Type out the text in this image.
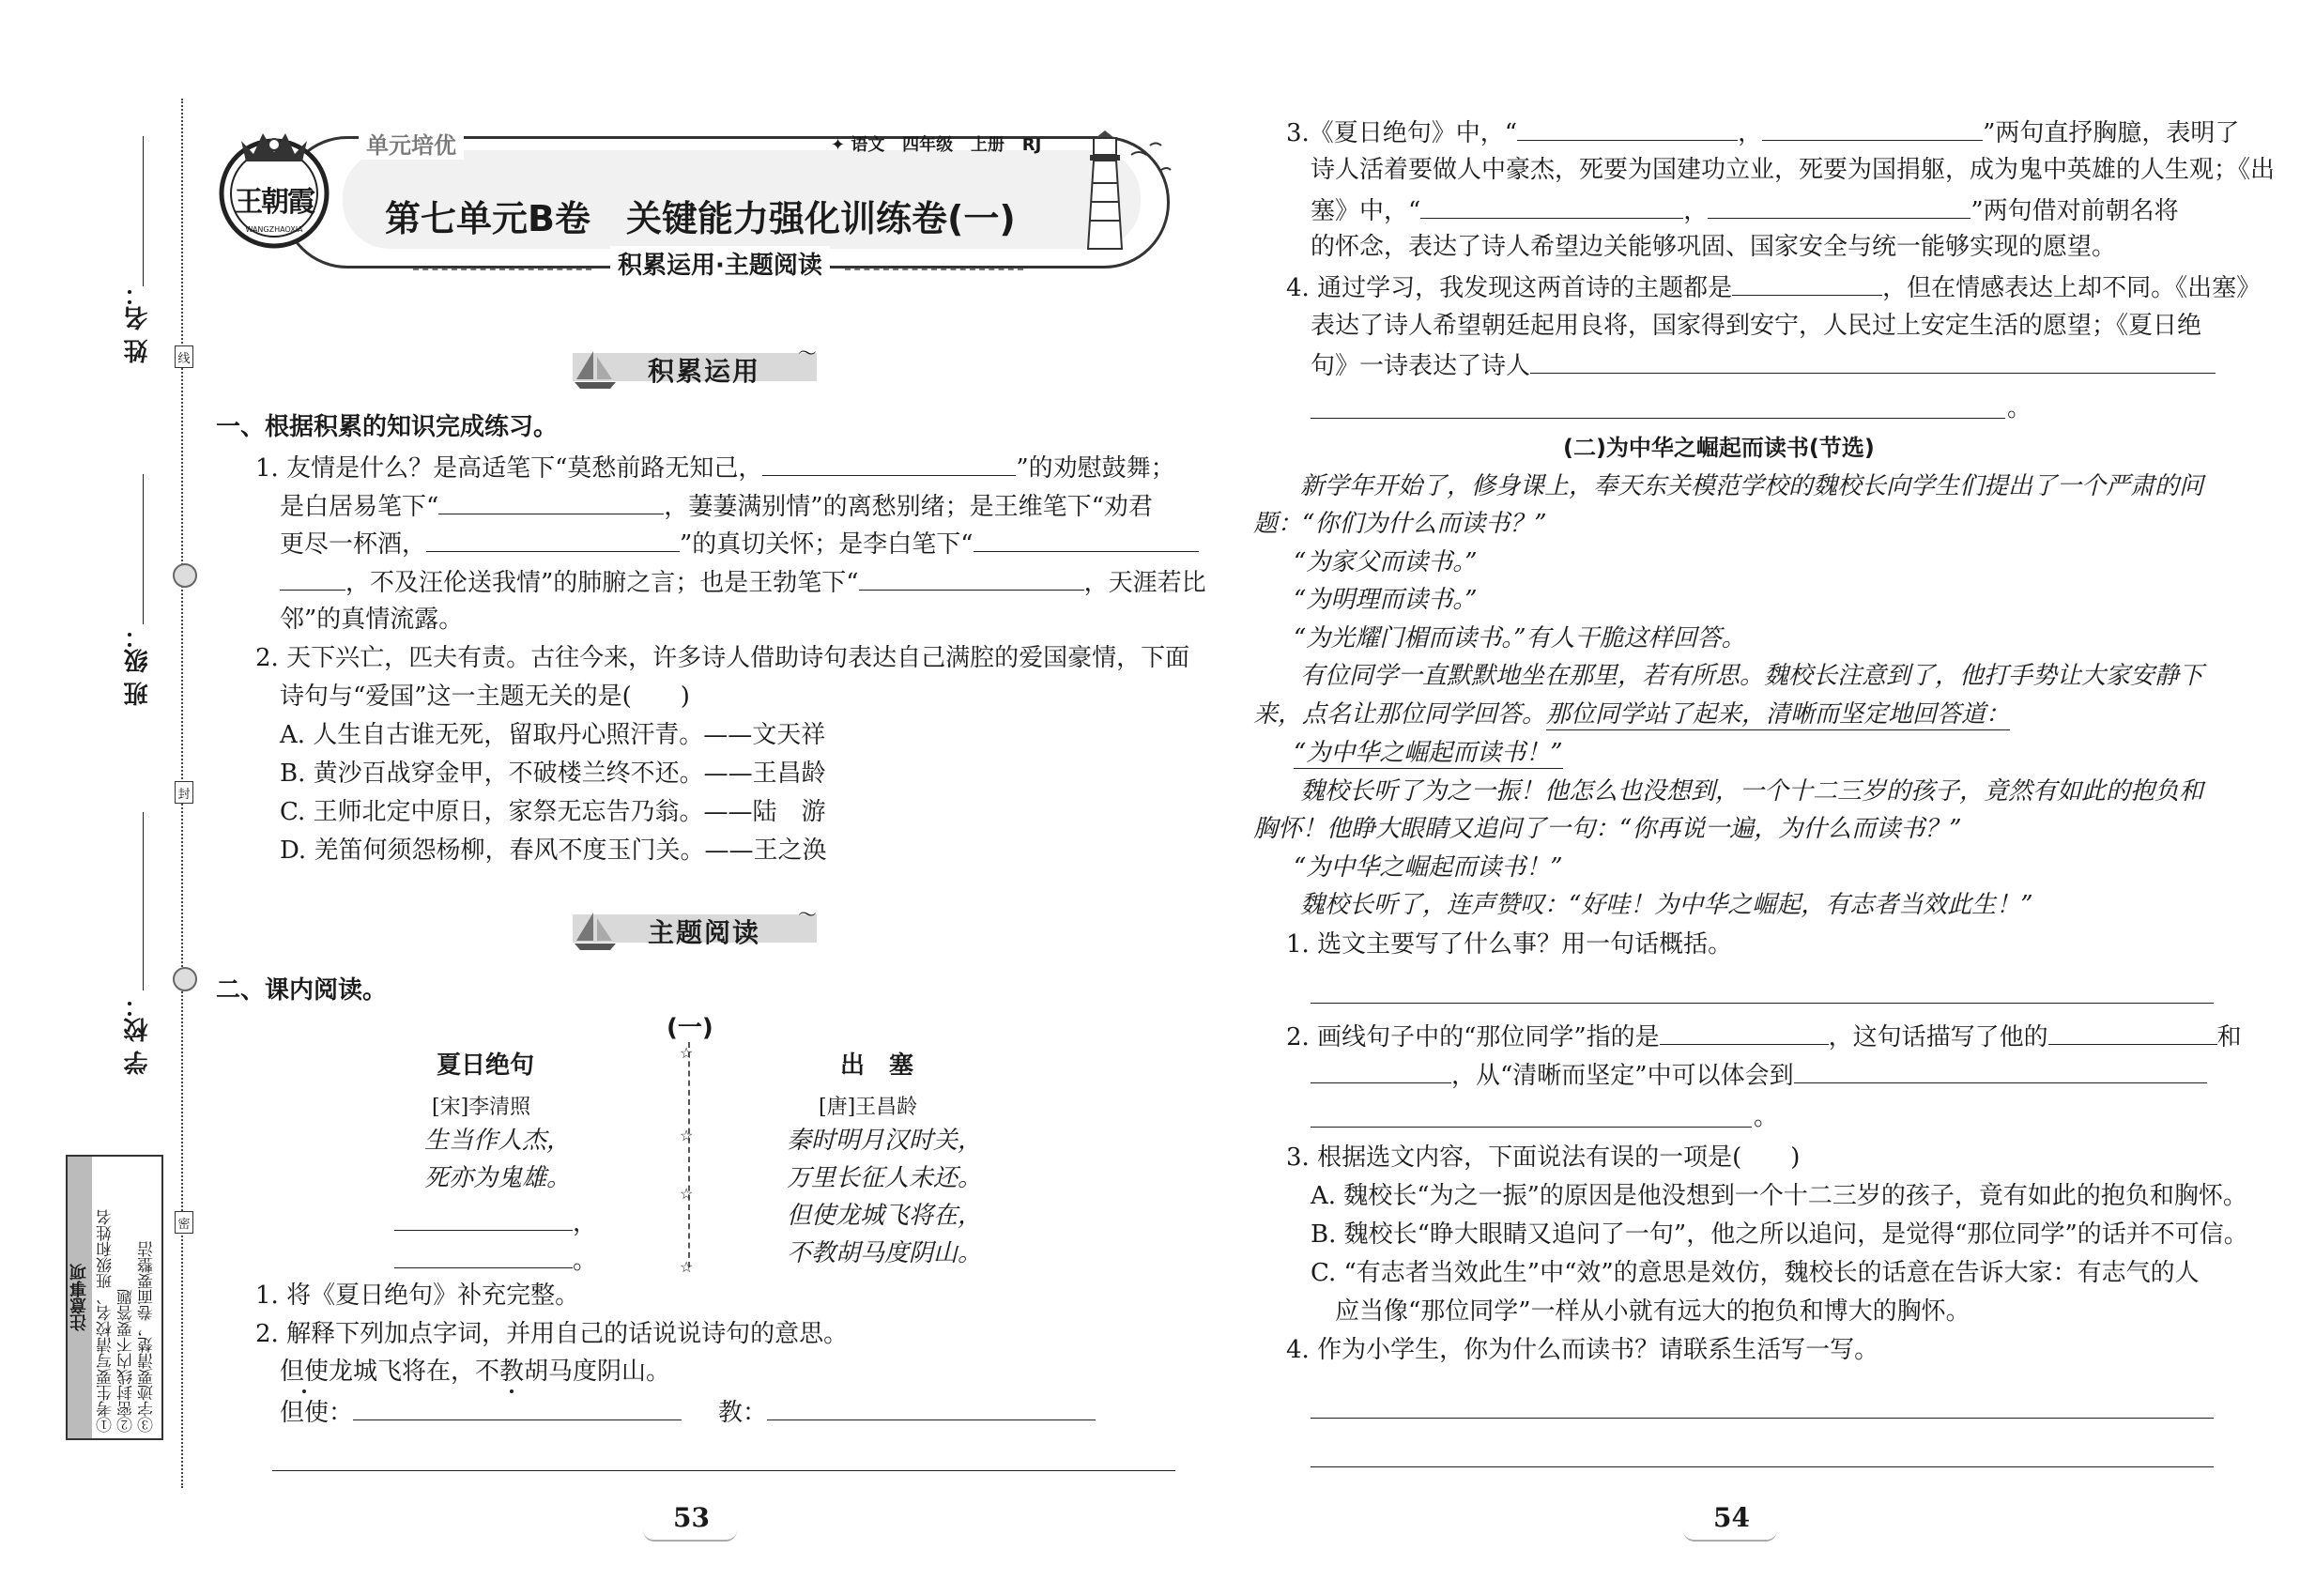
线
封
密
姓 名：
班 级：
学 校：
注意事项 ①考生要写清校名、班级和姓名 ②密封线内不要答题 ③字迹要清楚，卷面要整洁
单元培优	✦ 语文 四年级 上册 RJ
王朝霞
WANGZHAOXIA	第七单元B卷　关键能力强化训练卷(一)
积累运用·主题阅读
积累运用
〜
一、根据积累的知识完成练习。
1. 友情是什么？是高适笔下“莫愁前路无知己，	”的劝慰鼓舞；
是白居易笔下“	，萋萋满别情”的离愁别绪；是王维笔下“劝君
更尽一杯酒，	”的真切关怀；是李白笔下“
，不及汪伦送我情”的肺腑之言；也是王勃笔下“	，天涯若比
邻”的真情流露。
2. 天下兴亡，匹夫有责。古往今来，许多诗人借助诗句表达自己满腔的爱国豪情，下面
诗句与“爱国”这一主题无关的是(　　)
A. 人生自古谁无死，留取丹心照汗青。——文天祥
B. 黄沙百战穿金甲，不破楼兰终不还。——王昌龄
C. 王师北定中原日，家祭无忘告乃翁。——陆　游
D. 羌笛何须怨杨柳，春风不度玉门关。——王之涣
主题阅读
〜
二、课内阅读。
(一)
夏日绝句
[宋]李清照
生当作人杰，
死亦为鬼雄。
，
。
☆
☆
☆
☆
出　塞
[唐]王昌龄
秦时明月汉时关，
万里长征人未还。
但使龙城飞将在，
不教胡马度阴山。
1. 将《夏日绝句》补充完整。
2. 解释下列加点字词，并用自己的话说说诗句的意思。
但使龙城飞将在，不教胡马度阴山。
但使：	教：
53
3.《夏日绝句》中，“	，	”两句直抒胸臆，表明了
诗人活着要做人中豪杰，死要为国建功立业，死要为国捐躯，成为鬼中英雄的人生观；《出
塞》中，“	，	”两句借对前朝名将
的怀念，表达了诗人希望边关能够巩固、国家安全与统一能够实现的愿望。
4. 通过学习，我发现这两首诗的主题都是	，但在情感表达上却不同。《出塞》
表达了诗人希望朝廷起用良将，国家得到安宁，人民过上安定生活的愿望；《夏日绝
句》一诗表达了诗人
。
(二)为中华之崛起而读书(节选)
新学年开始了，修身课上，奉天东关模范学校的魏校长向学生们提出了一个严肃的问
题：“你们为什么而读书？”
“为家父而读书。”
“为明理而读书。”
“为光耀门楣而读书。”有人干脆这样回答。
有位同学一直默默地坐在那里，若有所思。魏校长注意到了，他打手势让大家安静下
来，点名让那位同学回答。那位同学站了起来，清晰而坚定地回答道：
“为中华之崛起而读书！”
魏校长听了为之一振！他怎么也没想到，一个十二三岁的孩子，竟然有如此的抱负和
胸怀！他睁大眼睛又追问了一句：“你再说一遍，为什么而读书？”
“为中华之崛起而读书！”
魏校长听了，连声赞叹：“好哇！为中华之崛起，有志者当效此生！”
1. 选文主要写了什么事？用一句话概括。
2. 画线句子中的“那位同学”指的是	，这句话描写了他的	和
，从“清晰而坚定”中可以体会到
。
3. 根据选文内容，下面说法有误的一项是(　　)
A. 魏校长“为之一振”的原因是他没想到一个十二三岁的孩子，竟有如此的抱负和胸怀。
B. 魏校长“睁大眼睛又追问了一句”，他之所以追问，是觉得“那位同学”的话并不可信。
C. “有志者当效此生”中“效”的意思是效仿，魏校长的话意在告诉大家：有志气的人
应当像“那位同学”一样从小就有远大的抱负和博大的胸怀。
4. 作为小学生，你为什么而读书？请联系生活写一写。
54
